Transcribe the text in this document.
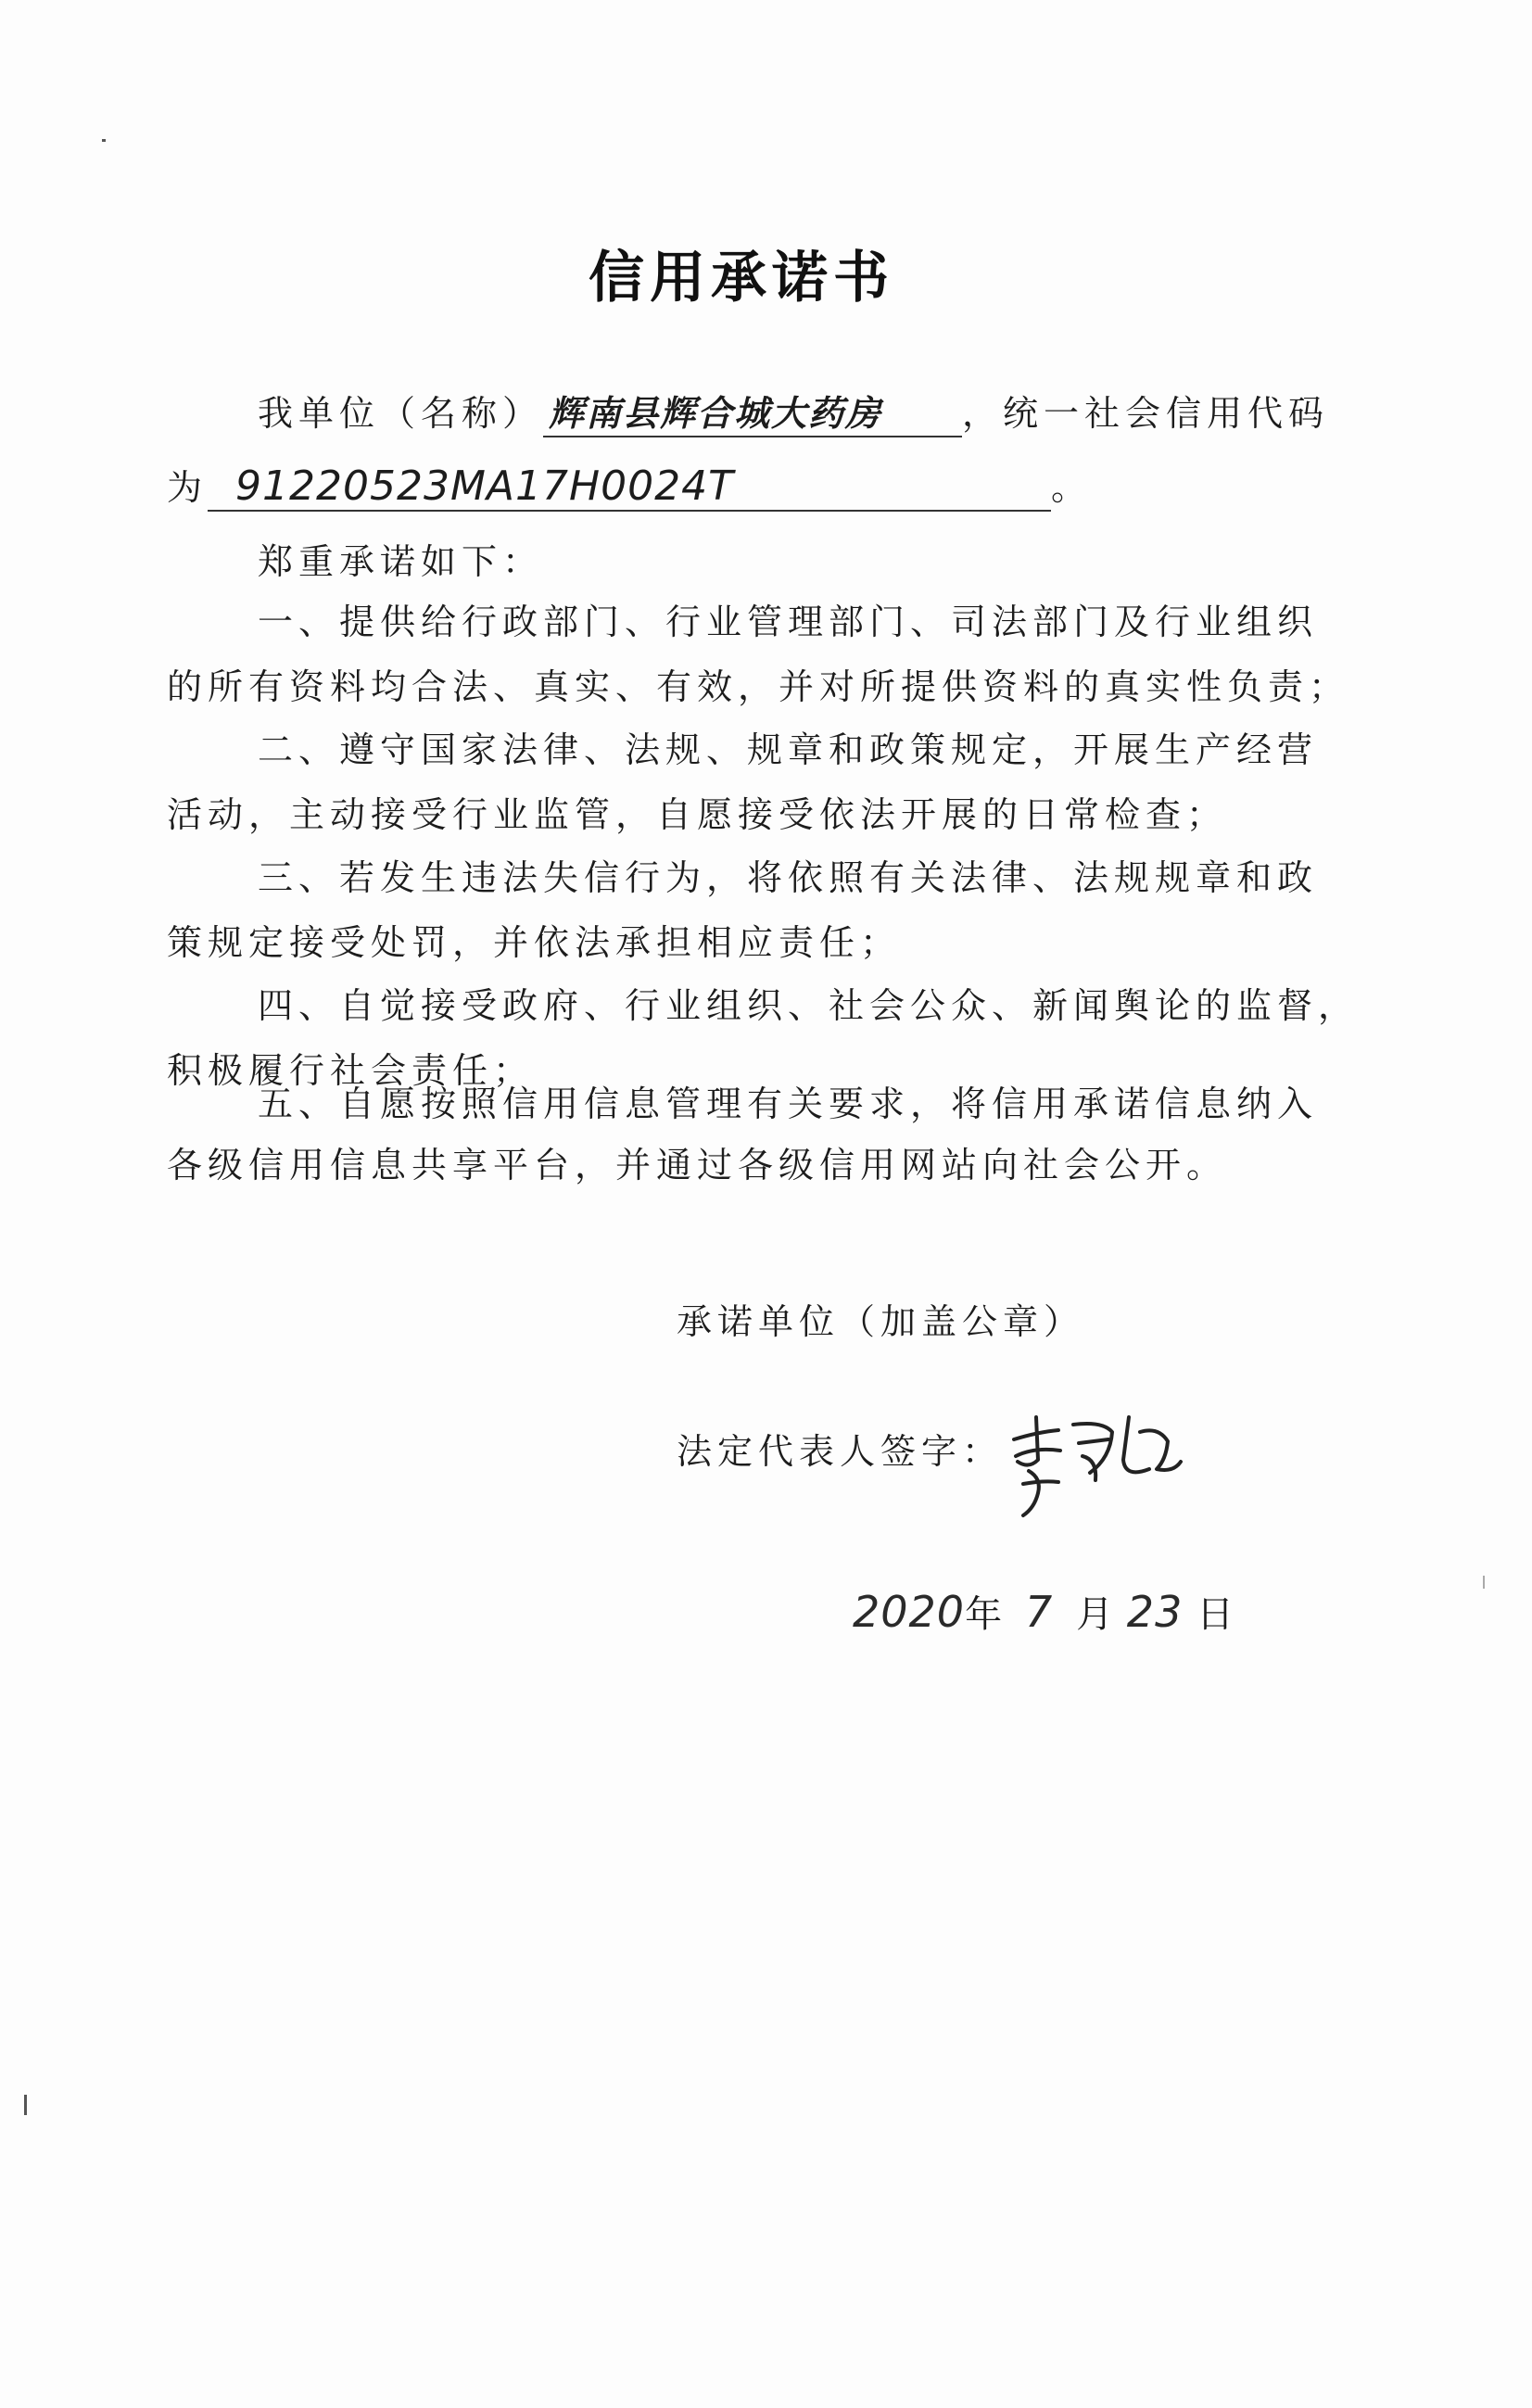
信用承诺书
我单位（名称） 辉南县辉合城大药房 ，统一社会信用代码
为 91220523MA17H0024T	。
郑重承诺如下：
一、提供给行政部门、行业管理部门、司法部门及行业组织
的所有资料均合法、真实、有效，并对所提供资料的真实性负责；
二、遵守国家法律、法规、规章和政策规定，开展生产经营
活动，主动接受行业监管，自愿接受依法开展的日常检查；
三、若发生违法失信行为，将依照有关法律、法规规章和政
策规定接受处罚，并依法承担相应责任；
四、自觉接受政府、行业组织、社会公众、新闻舆论的监督，
积极履行社会责任；
五、自愿按照信用信息管理有关要求，将信用承诺信息纳入
各级信用信息共享平台，并通过各级信用网站向社会公开。
承诺单位（加盖公章）
法定代表人签字：
2020年 7 月 23 日
